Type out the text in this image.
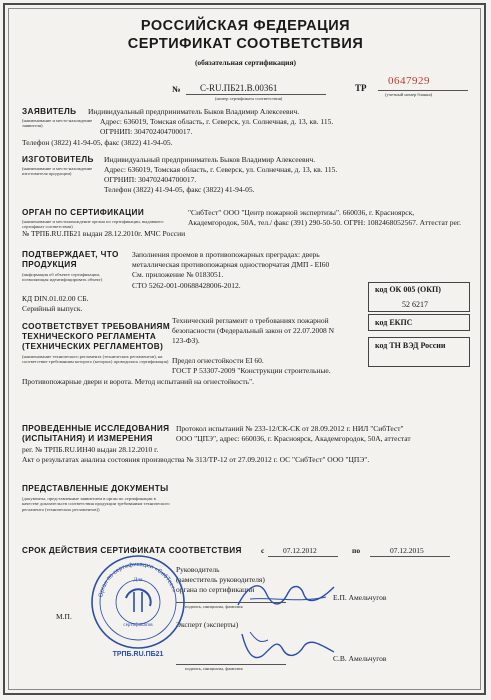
РОССИЙСКАЯ ФЕДЕРАЦИЯ
СЕРТИФИКАТ СООТВЕТСТВИЯ
(обязательная сертификация)
№ C-RU.ПБ21.В.00361
(номер сертификата соответствия)
ТР
0647929
(учетный номер бланка)
ЗАЯВИТЕЛЬ
(наименование и место-нахождение заявителя)
Индивидуальный предприниматель Быков Владимир Алексеевич.
Адрес: 636019, Томская область, г. Северск, ул. Солнечная, д. 13, кв. 115.
ОГРНИП: 304702404700017.
Телефон (3822) 41-94-05, факс (3822) 41-94-05.
ИЗГОТОВИТЕЛЬ
(наименование и место-нахождение изготовителя продукции)
Индивидуальный предприниматель Быков Владимир Алексеевич.
Адрес: 636019, Томская область, г. Северск, ул. Солнечная, д. 13, кв. 115.
ОГРНИП: 304702404700017.
Телефон (3822) 41-94-05, факс (3822) 41-94-05.
ОРГАН ПО СЕРТИФИКАЦИИ
(наименование и местонахождение органа по сертификации, выдавшего сертификат соответствия)
"СибТест" ООО "Центр пожарной экспертизы". 660036, г. Красноярск,
Академгородок, 50А, тел./ факс (391) 290-50-50. ОГРН: 1082468052567. Аттестат рег.
№ ТРПБ.RU.ПБ21 выдан 28.12.2010г. МЧС России
ПОДТВЕРЖДАЕТ, ЧТО
ПРОДУКЦИЯ
(информация об объекте сертификации, позволяющая идентифицировать объект)
Заполнения проемов в противопожарных преградах: дверь
металлическая противопожарная одностворчатая ДМП - EI60
См. приложение № 0183051.
СТО 5262-001-00688428006-2012.
КД DIN.01.02.00 СБ.
Серийный выпуск.
код ОК 005 (ОКП)
52 6217
СООТВЕТСТВУЕТ ТРЕБОВАНИЯМ
ТЕХНИЧЕСКОГО РЕГЛАМЕНТА
(ТЕХНИЧЕСКИХ РЕГЛАМЕНТОВ)
(наименование технического регламента (технических регламентов), на соответствие требованиям которого (которых) проводилась сертификация)
Технический регламент о требованиях пожарной
безопасности (Федеральный закон от 22.07.2008 N
123-ФЗ).
Предел огнестойкости EI 60.
ГОСТ Р 53307-2009 "Конструкции строительные.
Противопожарные двери и ворота. Метод испытаний на огнестойкость".
код ЕКПС
код ТН ВЭД России
ПРОВЕДЕННЫЕ ИССЛЕДОВАНИЯ
(ИСПЫТАНИЯ) И ИЗМЕРЕНИЯ
Протокол испытаний № 233-12/СК-СК от 28.09.2012 г. НИЛ "СибТест"
ООО "ЦПЭ", адрес: 660036, г. Красноярск, Академгородок, 50А, аттестат
рег. № ТРПБ.RU.ИН40 выдан 28.12.2010 г.
Акт о результатах анализа состояния производства № 313/ТР-12 от 27.09.2012 г. ОС "СибТест" ООО "ЦПЭ".
ПРЕДСТАВЛЕННЫЕ ДОКУМЕНТЫ
(документы, представленные заявителем в орган по сертификации в качестве доказательств соответствия продукции требованиям технического регламента (технических регламентов))
СРОК ДЕЙСТВИЯ СЕРТИФИКАТА СООТВЕТСТВИЯ	с 07.12.2012	по	07.12.2015
Руководитель
(заместитель руководителя)
органа по сертификации
подпись, инициалы, фамилия
Е.П. Амельчугов
Эксперт (эксперты)
подпись, инициалы, фамилия
С.В. Амельчугов
М.П.
Для
сертификатов
Орган по сертификации «СибТест»
ТРПБ.RU.ПБ21
